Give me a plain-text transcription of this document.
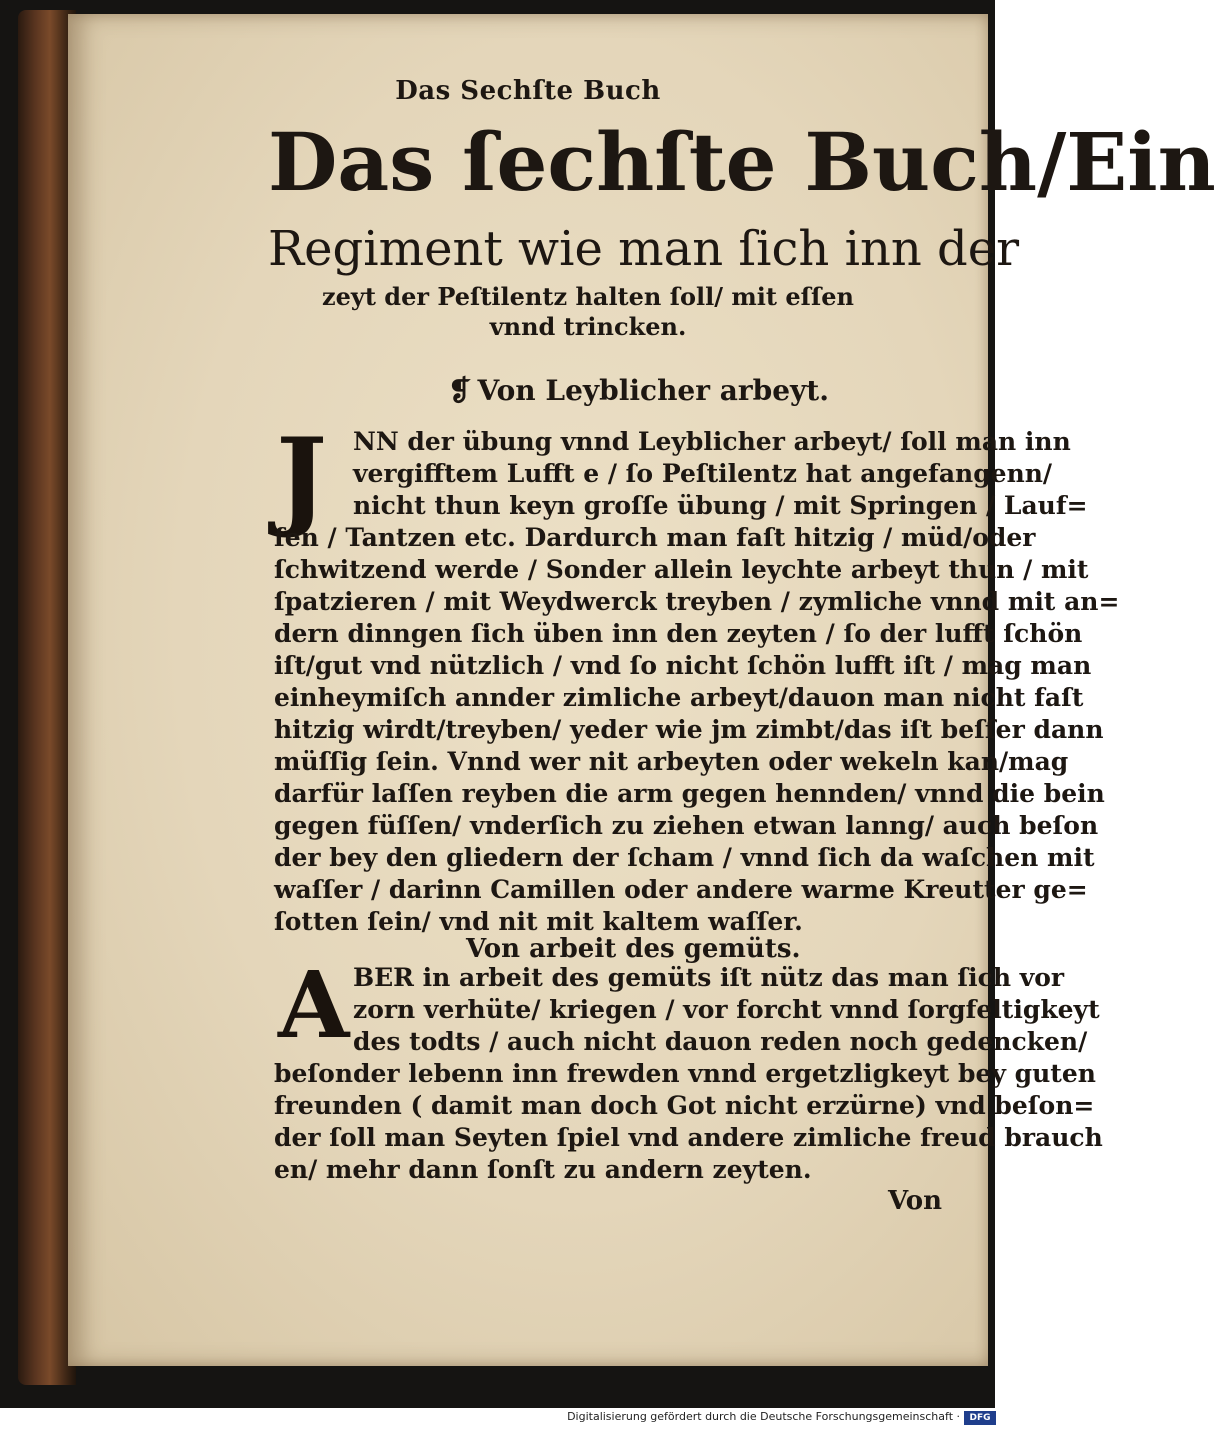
Das Sechſte Buch
Das ſechſte Buch/Ein
Regiment wie man ſich inn der
zeyt der Peſtilentz halten ſoll/ mit eſſen
vnnd trincken.
❡ Von Leyblicher arbeyt.
J NN der übung vnnd Leyblicher arbeyt/ ſoll man inn
vergifftem Lufft e / ſo Peſtilentz hat angefangenn/
nicht thun keyn groſſe übung / mit Springen / Lauf=
fen / Tantzen etc. Dardurch man faſt hitzig / müd/oder
ſchwitzend werde / Sonder allein leychte arbeyt thun / mit
ſpatzieren / mit Weydwerck treyben / zymliche vnnd mit an=
dern dinngen ſich üben inn den zeyten / ſo der lufft ſchön
iſt/gut vnd nützlich / vnd ſo nicht ſchön lufft iſt / mag man
einheymiſch annder zimliche arbeyt/dauon man nicht faſt
hitzig wirdt/treyben/ yeder wie jm zimbt/das iſt beſſer dann
müſſig ſein. Vnnd wer nit arbeyten oder wekeln kan/mag
darfür laſſen reyben die arm gegen hennden/ vnnd die bein
gegen füſſen/ vnderſich zu ziehen etwan lanng/ auch beſon
der bey den gliedern der ſcham / vnnd ſich da waſchen mit
waſſer / darinn Camillen oder andere warme Kreutter ge=
ſotten ſein/ vnd nit mit kaltem waſſer.
Von arbeit des gemüts.
A BER in arbeit des gemüts iſt nütz das man ſich vor
zorn verhüte/ kriegen / vor forcht vnnd ſorgfeltigkeyt
des todts / auch nicht dauon reden noch gedencken/
beſonder lebenn inn frewden vnnd ergetzligkeyt bey guten
freunden ( damit man doch Got nicht erzürne) vnd beſon=
der ſoll man Seyten ſpiel vnd andere zimliche freud brauch
en/ mehr dann ſonſt zu andern zeyten.
Von
Digitalisierung gefördert durch die Deutsche Forschungsgemeinschaft ·	DFG
